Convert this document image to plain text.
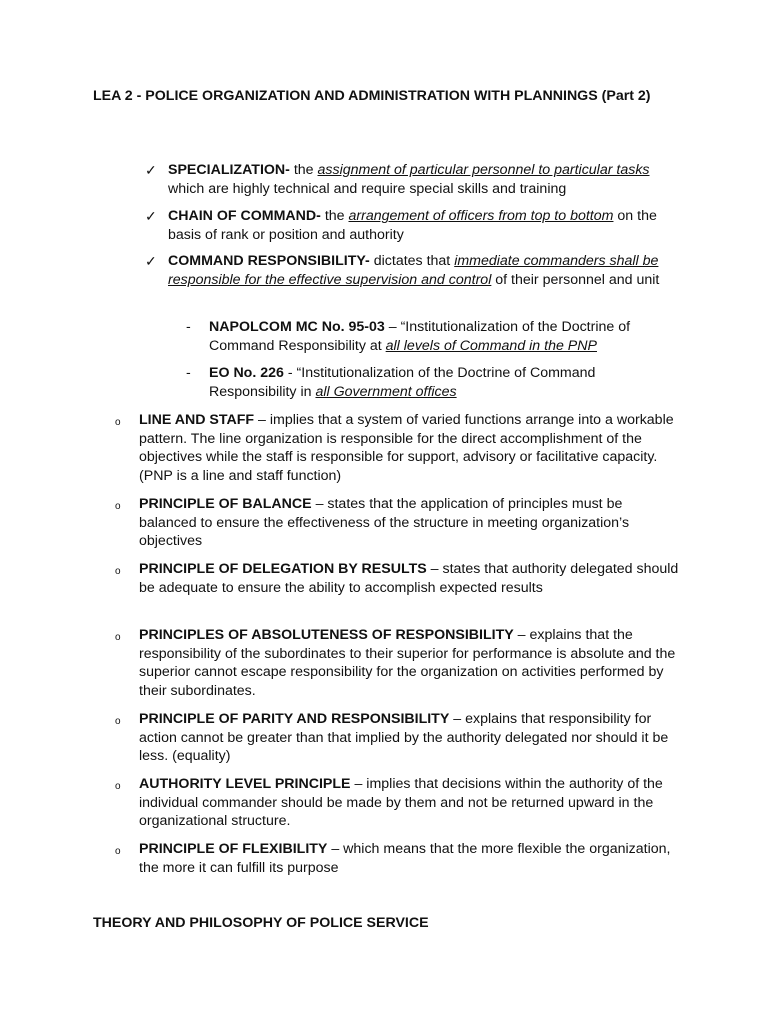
LEA 2 - POLICE ORGANIZATION AND ADMINISTRATION WITH PLANNINGS (Part 2)
✓ SPECIALIZATION- the assignment of particular personnel to particular tasks which are highly technical and require special skills and training
✓ CHAIN OF COMMAND- the arrangement of officers from top to bottom on the basis of rank or position and authority
✓ COMMAND RESPONSIBILITY- dictates that immediate commanders shall be responsible for the effective supervision and control of their personnel and unit
- NAPOLCOM MC No. 95-03 – “Institutionalization of the Doctrine of Command Responsibility at all levels of Command in the PNP
- EO No. 226 - “Institutionalization of the Doctrine of Command Responsibility in all Government offices
o LINE AND STAFF – implies that a system of varied functions arrange into a workable pattern. The line organization is responsible for the direct accomplishment of the objectives while the staff is responsible for support, advisory or facilitative capacity. (PNP is a line and staff function)
o PRINCIPLE OF BALANCE – states that the application of principles must be balanced to ensure the effectiveness of the structure in meeting organization’s objectives
o PRINCIPLE OF DELEGATION BY RESULTS – states that authority delegated should be adequate to ensure the ability to accomplish expected results
o PRINCIPLES OF ABSOLUTENESS OF RESPONSIBILITY – explains that the responsibility of the subordinates to their superior for performance is absolute and the superior cannot escape responsibility for the organization on activities performed by their subordinates.
o PRINCIPLE OF PARITY AND RESPONSIBILITY – explains that responsibility for action cannot be greater than that implied by the authority delegated nor should it be less. (equality)
o AUTHORITY LEVEL PRINCIPLE – implies that decisions within the authority of the individual commander should be made by them and not be returned upward in the organizational structure.
o PRINCIPLE OF FLEXIBILITY – which means that the more flexible the organization, the more it can fulfill its purpose
THEORY AND PHILOSOPHY OF POLICE SERVICE
